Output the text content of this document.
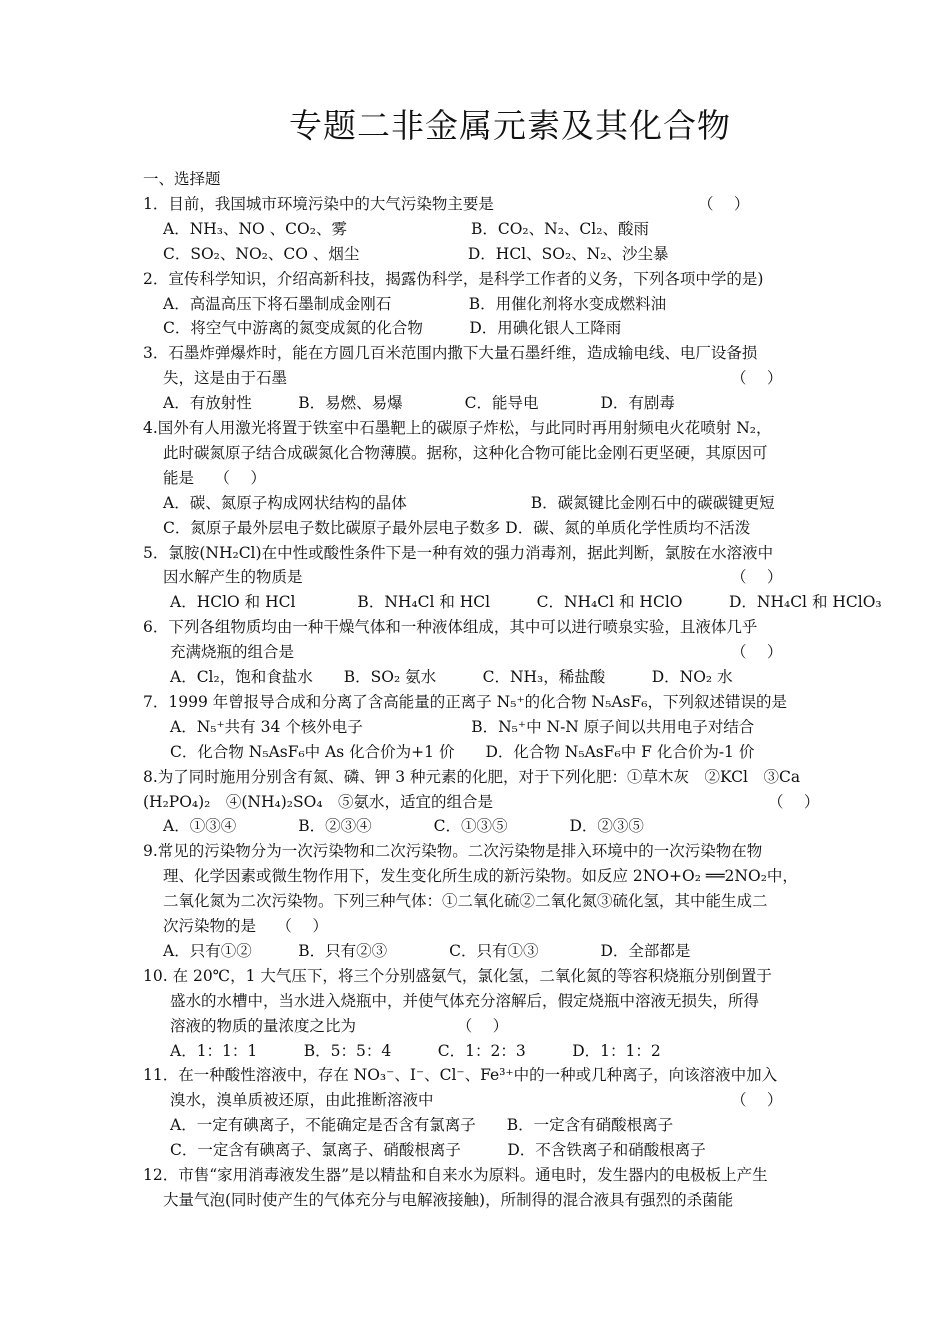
专题二非金属元素及其化合物
一、选择题
1．目前，我国城市环境污染中的大气污染物主要是	（　 ）
A．NH₃、NO 、CO₂、雾　　　　　　　　B．CO₂、N₂、Cl₂、酸雨
C．SO₂、NO₂、CO 、烟尘　　　　　　　D．HCl、SO₂、N₂、沙尘暴
2．宣传科学知识，介绍高新科技，揭露伪科学，是科学工作者的义务，下列各项中学的是)
A．高温高压下将石墨制成金刚石　　　　　B．用催化剂将水变成燃料油
C．将空气中游离的氮变成氮的化合物　　　D．用碘化银人工降雨
3．石墨炸弹爆炸时，能在方圆几百米范围内撒下大量石墨纤维，造成输电线、电厂设备损
失，这是由于石墨	（　 ）
A．有放射性　　　B．易燃、易爆　　　　C．能导电　　　　D．有剧毒
4.国外有人用激光将置于铁室中石墨靶上的碳原子炸松，与此同时再用射频电火花喷射 N₂，
此时碳氮原子结合成碳氮化合物薄膜。据称，这种化合物可能比金刚石更坚硬，其原因可
能是　 （　 ）
A．碳、氮原子构成网状结构的晶体　　　　　　　　B．碳氮键比金刚石中的碳碳键更短
C．氮原子最外层电子数比碳原子最外层电子数多 D．碳、氮的单质化学性质均不活泼
5．氯胺(NH₂Cl)在中性或酸性条件下是一种有效的强力消毒剂，据此判断，氯胺在水溶液中
因水解产生的物质是	（　 ）
A．HClO 和 HCl　　　　B．NH₄Cl 和 HCl　　　C．NH₄Cl 和 HClO　　　D．NH₄Cl 和 HClO₃
6．下列各组物质均由一种干燥气体和一种液体组成，其中可以进行喷泉实验，且液体几乎
充满烧瓶的组合是	（　 ）
A．Cl₂，饱和食盐水　　B．SO₂ 氨水　　　C．NH₃，稀盐酸　　　D．NO₂ 水
7．1999 年曾报导合成和分离了含高能量的正离子 N₅⁺的化合物 N₅AsF₆，下列叙述错误的是
A．N₅⁺共有 34 个核外电子　　　　　　　B．N₅⁺中 N-N 原子间以共用电子对结合
C．化合物 N₅AsF₆中 As 化合价为+1 价　　D．化合物 N₅AsF₆中 F 化合价为-1 价
8.为了同时施用分别含有氮、磷、钾 3 种元素的化肥，对于下列化肥：①草木灰　②KCl　③Ca
(H₂PO₄)₂　④(NH₄)₂SO₄　⑤氨水，适宜的组合是	（　 ）
A．①③④　　　　B．②③④　　　　C．①③⑤　　　　D．②③⑤
9.常见的污染物分为一次污染物和二次污染物。二次污染物是排入环境中的一次污染物在物
理、化学因素或微生物作用下，发生变化所生成的新污染物。如反应 2NO+O₂ ══2NO₂中，
二氧化氮为二次污染物。下列三种气体：①二氧化硫②二氧化氮③硫化氢，其中能生成二
次污染物的是　 （　 ）
A．只有①②　　　B．只有②③　　　　C．只有①③　　　　D．全部都是
10. 在 20℃，1 大气压下，将三个分别盛氨气，氯化氢，二氧化氮的等容积烧瓶分别倒置于
盛水的水槽中，当水进入烧瓶中，并使气体充分溶解后，假定烧瓶中溶液无损失，所得
溶液的物质的量浓度之比为　　　　　　　（　 ）
A．1：1：1　　　B．5：5：4　　　C．1：2：3　　　D．1：1：2
11．在一种酸性溶液中，存在 NO₃⁻、I⁻、Cl⁻、Fe³⁺中的一种或几种离子，向该溶液中加入
溴水，溴单质被还原，由此推断溶液中	（　 ）
A．一定有碘离子，不能确定是否含有氯离子　　B．一定含有硝酸根离子
C．一定含有碘离子、氯离子、硝酸根离子　　　D．不含铁离子和硝酸根离子
12．市售“家用消毒液发生器”是以精盐和自来水为原料。通电时，发生器内的电极板上产生
大量气泡(同时使产生的气体充分与电解液接触)，所制得的混合液具有强烈的杀菌能
